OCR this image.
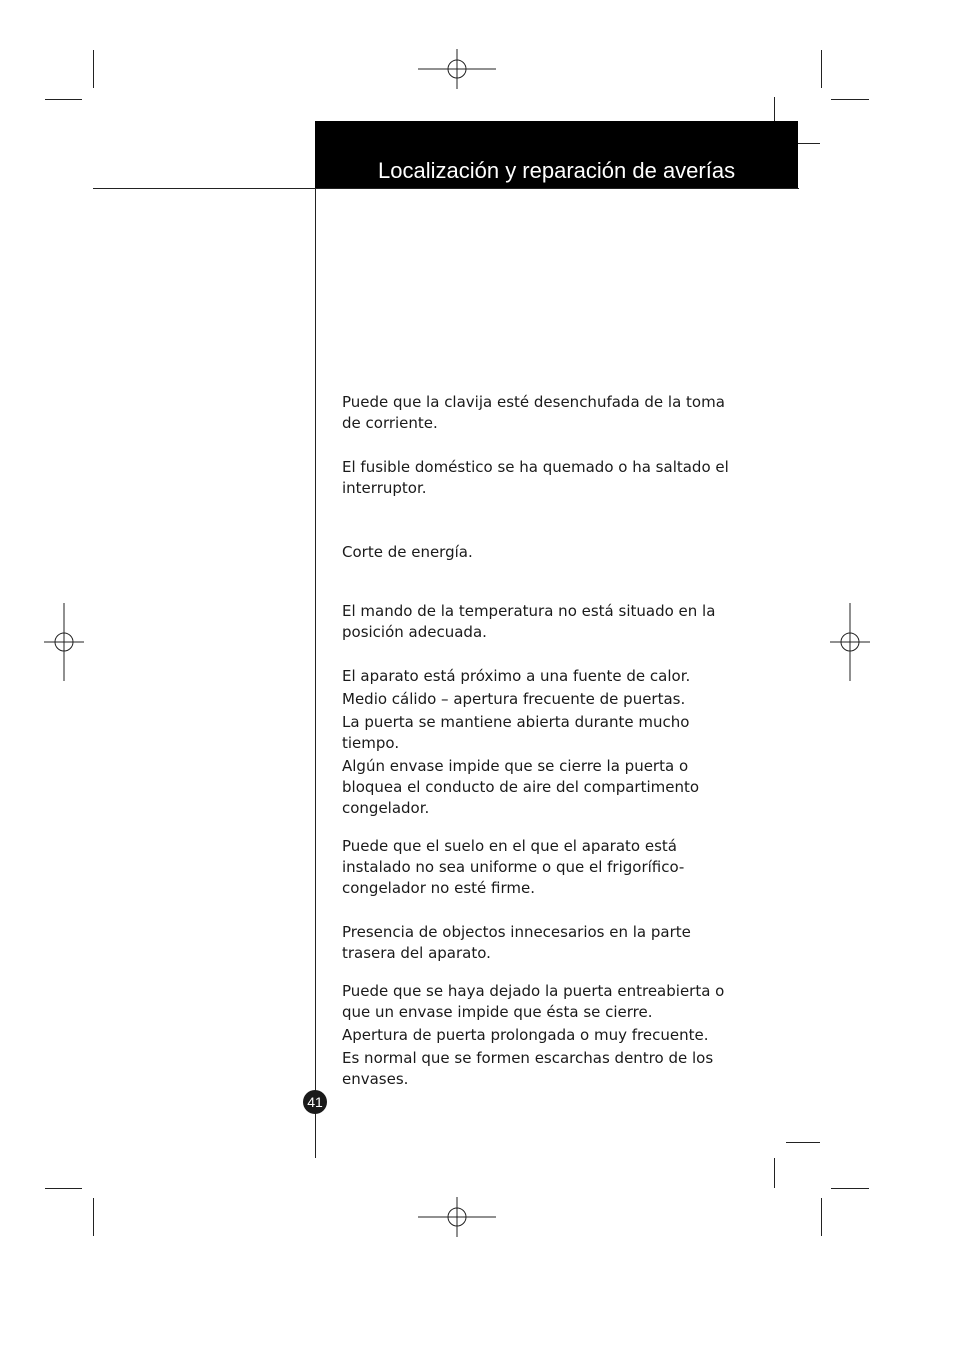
Localización y reparación de averías
Puede que la clavija esté desenchufada de la toma de corriente.
El fusible doméstico se ha quemado o ha saltado el interruptor.
Corte de energía.
El mando de la temperatura no está situado en la posición adecuada.
El aparato está próximo a una fuente de calor.
Medio cálido – apertura frecuente de puertas.
La puerta se mantiene abierta durante mucho tiempo.
Algún envase impide que se cierre la puerta o bloquea el conducto de aire del compartimento congelador.
Puede que el suelo en el que el aparato está instalado no sea uniforme o que el frigorífico-congelador no esté firme.
Presencia de objectos innecesarios en la parte trasera del aparato.
Puede que se haya dejado la puerta entreabierta o que un envase impide que ésta se cierre.
Apertura de puerta prolongada o muy frecuente.
Es normal que se formen escarchas dentro de los envases.
41
